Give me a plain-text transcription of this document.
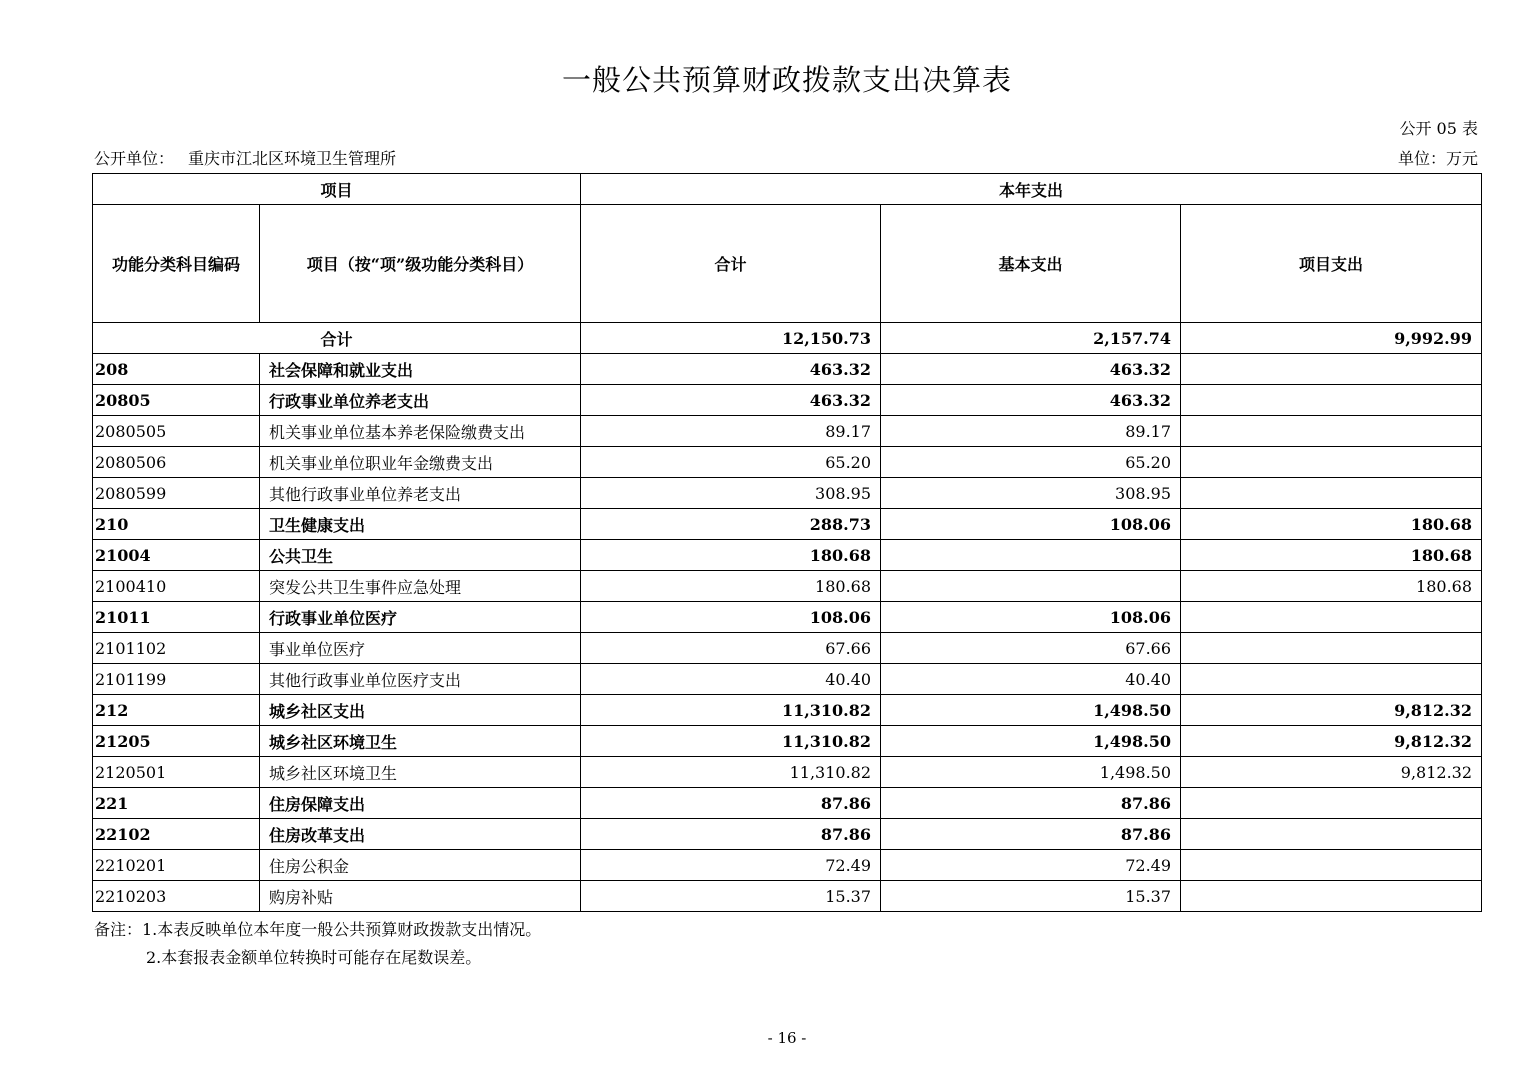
一般公共预算财政拨款支出决算表
公开 05 表
公开单位： 重庆市江北区环境卫生管理所	单位：万元
项目		本年支出		
功能分类科目编码	项目（按“项”级功能分类科目）	合计	基本支出	项目支出
合计		12,150.73	2,157.74	9,992.99
208	社会保障和就业支出	463.32	463.32	
20805	行政事业单位养老支出	463.32	463.32	
2080505	机关事业单位基本养老保险缴费支出	89.17	89.17	
2080506	机关事业单位职业年金缴费支出	65.20	65.20	
2080599	其他行政事业单位养老支出	308.95	308.95	
210	卫生健康支出	288.73	108.06	180.68
21004	公共卫生	180.68		180.68
2100410	突发公共卫生事件应急处理	180.68		180.68
21011	行政事业单位医疗	108.06	108.06	
2101102	事业单位医疗	67.66	67.66	
2101199	其他行政事业单位医疗支出	40.40	40.40	
212	城乡社区支出	11,310.82	1,498.50	9,812.32
21205	城乡社区环境卫生	11,310.82	1,498.50	9,812.32
2120501	城乡社区环境卫生	11,310.82	1,498.50	9,812.32
221	住房保障支出	87.86	87.86	
22102	住房改革支出	87.86	87.86	
2210201	住房公积金	72.49	72.49	
2210203	购房补贴	15.37	15.37	
备注：1.本表反映单位本年度一般公共预算财政拨款支出情况。
2.本套报表金额单位转换时可能存在尾数误差。
- 16 -
